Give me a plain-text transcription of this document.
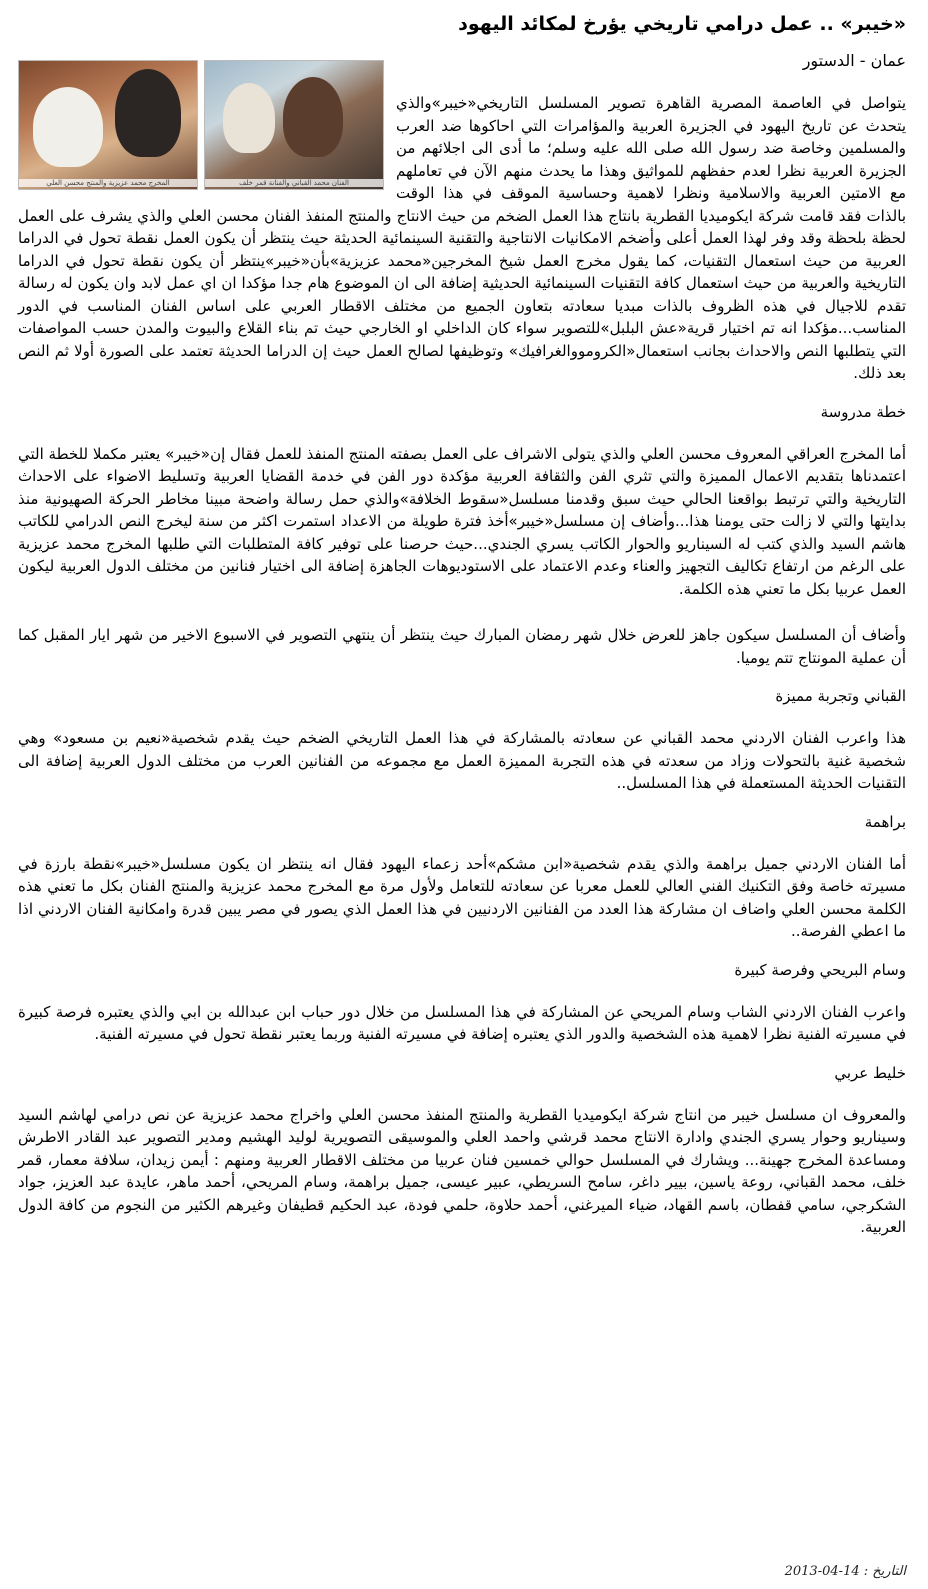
«خيبر» .. عمل درامي تاريخي يؤرخ لمكائد اليهود
عمان - الدستور
الفنان محمد القباني والفنانة قمر خلف
المخرج محمد عزيزية والمنتج محسن العلي

يتواصل في العاصمة المصرية القاهرة تصوير المسلسل التاريخي«خيبر»والذي يتحدث عن تاريخ اليهود في الجزيرة العربية والمؤامرات التي احاكوها ضد العرب والمسلمين وخاصة ضد رسول الله صلى الله عليه وسلم؛ ما أدى الى اجلائهم من الجزيرة العربية نظرا لعدم حفظهم للمواثيق وهذا ما يحدث منهم الآن في تعاملهم مع الامتين العربية والاسلامية ونظرا لاهمية وحساسية الموقف في هذا الوقت بالذات فقد قامت شركة ايكوميديا القطرية بانتاج هذا العمل الضخم من حيث الانتاج والمنتج المنفذ الفنان محسن العلي والذي يشرف على العمل لحظة بلحظة وقد وفر لهذا العمل أعلى وأضخم الامكانيات الانتاجية والتقنية السينمائية الحديثة حيث ينتظر أن يكون العمل نقطة تحول في الدراما العربية من حيث استعمال التقنيات، كما يقول مخرج العمل شيخ المخرجين«محمد عزيزية»بأن«خيبر»ينتظر أن يكون نقطة تحول في الدراما التاريخية والعربية من حيث استعمال كافة التقنيات السينمائية الحديثية إضافة الى ان الموضوع هام جدا مؤكدا ان اي عمل لابد وان يكون له رسالة تقدم للاجيال في هذه الظروف بالذات مبديا سعادته بتعاون الجميع من مختلف الاقطار العربي على اساس الفنان المناسب في الدور المناسب...مؤكدا انه تم اختيار قرية«عش البلبل»للتصوير سواء كان الداخلي او الخارجي حيث تم بناء القلاع والبيوت والمدن حسب المواصفات التي يتطلبها النص والاحداث بجانب استعمال«الكرومووالغرافيك» وتوظيفها لصالح العمل حيث إن الدراما الحديثة تعتمد على الصورة أولا ثم النص بعد ذلك.

خطة مدروسة

أما المخرج العراقي المعروف محسن العلي والذي يتولى الاشراف على العمل بصفته المنتج المنفذ للعمل فقال إن«خيبر» يعتبر مكملا للخطة التي اعتمدناها بتقديم الاعمال المميزة والتي تثري الفن والثقافة العربية مؤكدة دور الفن في خدمة القضايا العربية وتسليط الاضواء على الاحداث التاريخية والتي ترتبط بواقعنا الحالي حيث سبق وقدمنا مسلسل«سقوط الخلافة»والذي حمل رسالة واضحة مبينا مخاطر الحركة الصهيونية منذ بدايتها والتي لا زالت حتى يومنا هذا...وأضاف إن مسلسل«خيبر»أخذ فترة طويلة من الاعداد استمرت اكثر من سنة ليخرج النص الدرامي للكاتب هاشم السيد والذي كتب له السيناريو والحوار الكاتب يسري الجندي...حيث حرصنا على توفير كافة المتطلبات التي طلبها المخرج محمد عزيزية على الرغم من ارتفاع تكاليف التجهيز والعناء وعدم الاعتماد على الاستوديوهات الجاهزة إضافة الى اختيار فنانين من مختلف الدول العربية ليكون العمل عربيا بكل ما تعني هذه الكلمة.

وأضاف أن المسلسل سيكون جاهز للعرض خلال شهر رمضان المبارك حيث ينتظر أن ينتهي التصوير في الاسبوع الاخير من شهر ايار المقبل كما أن عملية المونتاج تتم يوميا.

القباني وتجربة مميزة

هذا واعرب الفنان الاردني محمد القباني عن سعادته بالمشاركة في هذا العمل التاريخي الضخم حيث يقدم شخصية«نعيم بن مسعود» وهي شخصية غنية بالتحولات وزاد من سعدته في هذه التجربة المميزة العمل مع مجموعه من الفنانين العرب من مختلف الدول العربية إضافة الى التقنيات الحديثة المستعملة في هذا المسلسل..

براهمة

أما الفنان الاردني جميل براهمة والذي يقدم شخصية«ابن مشكم»أحد زعماء اليهود فقال انه ينتظر ان يكون مسلسل«خيبر»نقطة بارزة في مسيرته خاصة وفق التكنيك الفني العالي للعمل معربا عن سعادته للتعامل ولأول مرة مع المخرج محمد عزيزية والمنتج الفنان بكل ما تعني هذه الكلمة محسن العلي واضاف ان مشاركة هذا العدد من الفنانين الاردنيين في هذا العمل الذي يصور في مصر يبين قدرة وامكانية الفنان الاردني اذا ما اعطي الفرصة..

وسام البريحي وفرصة كبيرة

واعرب الفنان الاردني الشاب وسام المريحي عن المشاركة في هذا المسلسل من خلال دور حباب ابن عبدالله بن ابي والذي يعتبره فرصة كبيرة في مسيرته الفنية نظرا لاهمية هذه الشخصية والدور الذي يعتبره إضافة في مسيرته الفنية وربما يعتبر نقطة تحول في مسيرته الفنية.

خليط عربي

والمعروف ان مسلسل خيبر من انتاج شركة ايكوميديا القطرية والمنتج المنفذ محسن العلي واخراج محمد عزيزية عن نص درامي لهاشم السيد وسيناريو وحوار يسري الجندي وادارة الانتاج محمد قرشي واحمد العلي والموسيقى التصويرية لوليد الهشيم ومدير التصوير عبد القادر الاطرش ومساعدة المخرج جهينة... ويشارك في المسلسل حوالي خمسين فنان عربيا من مختلف الاقطار العربية ومنهم : أيمن زيدان، سلافة معمار، قمر خلف، محمد القباني، روعة ياسين، بيير داغر، سامح السريطي، عبير عيسى، جميل براهمة، وسام المريحي، أحمد ماهر، عايدة عبد العزيز، جواد الشكرجي، سامي قفطان، باسم القهاد، ضياء الميرغني، أحمد حلاوة، حلمي فودة، عبد الحكيم قطيفان وغيرهم الكثير من النجوم من كافة الدول العربية.

التاريخ : 14-04-2013
